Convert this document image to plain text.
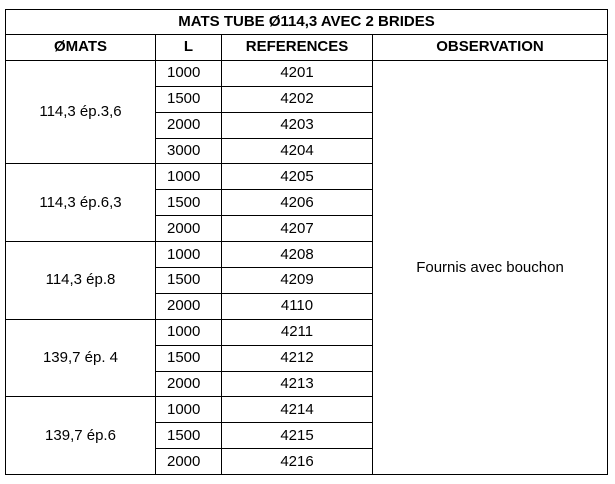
MATS TUBE Ø114,3 AVEC 2 BRIDES			
ØMATS	L	REFERENCES	OBSERVATION
114,3 ép.3,6	1000	4201	Fournis avec bouchon
	1500	4202	
	2000	4203	
	3000	4204	
114,3 ép.6,3	1000	4205	
	1500	4206	
	2000	4207	
114,3 ép.8	1000	4208	
	1500	4209	
	2000	4110	
139,7 ép. 4	1000	4211	
	1500	4212	
	2000	4213	
139,7 ép.6	1000	4214	
	1500	4215	
	2000	4216	
